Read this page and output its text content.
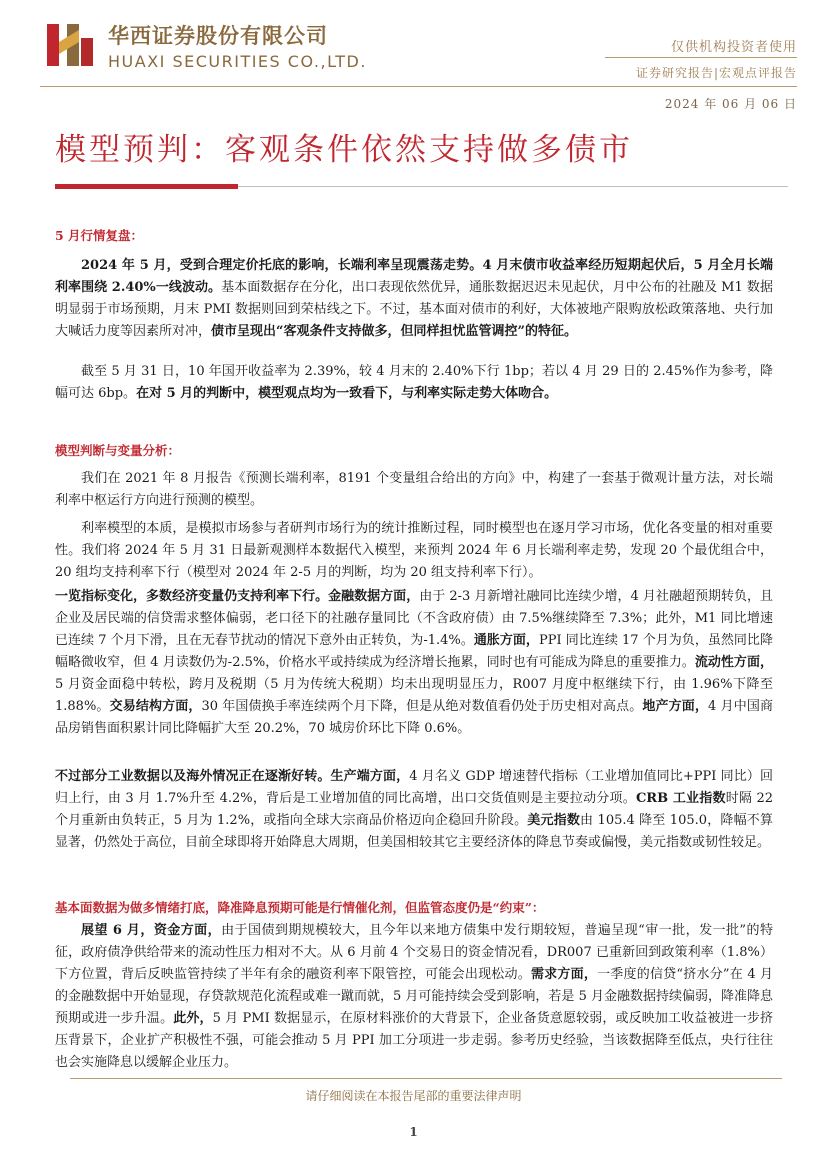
华西证券股份有限公司
HUAXI SECURITIES CO.,LTD.
仅供机构投资者使用
证券研究报告|宏观点评报告
2024 年 06 月 06 日
模型预判：客观条件依然支持做多债市
5 月行情复盘：

2024 年 5 月，受到合理定价托底的影响，长端利率呈现震荡走势。4 月末债市收益率经历短期起伏后，5 月全月长端利率围绕 2.40%一线波动。基本面数据存在分化，出口表现依然优异，通胀数据迟迟未见起伏，月中公布的社融及 M1 数据明显弱于市场预期，月末 PMI 数据则回到荣枯线之下。不过，基本面对债市的利好，大体被地产限购放松政策落地、央行加大喊话力度等因素所对冲，债市呈现出“客观条件支持做多，但同样担忧监管调控”的特征。

截至 5 月 31 日，10 年国开收益率为 2.39%，较 4 月末的 2.40%下行 1bp；若以 4 月 29 日的 2.45%作为参考，降幅可达 6bp。在对 5 月的判断中，模型观点均为一致看下，与利率实际走势大体吻合。

模型判断与变量分析：

我们在 2021 年 8 月报告《预测长端利率，8191 个变量组合给出的方向》中，构建了一套基于微观计量方法，对长端利率中枢运行方向进行预测的模型。

利率模型的本质，是模拟市场参与者研判市场行为的统计推断过程，同时模型也在逐月学习市场，优化各变量的相对重要性。我们将 2024 年 5 月 31 日最新观测样本数据代入模型，来预判 2024 年 6 月长端利率走势，发现 20 个最优组合中，20 组均支持利率下行（模型对 2024 年 2-5 月的判断，均为 20 组支持利率下行）。

一览指标变化，多数经济变量仍支持利率下行。金融数据方面，由于 2-3 月新增社融同比连续少增，4 月社融超预期转负，且企业及居民端的信贷需求整体偏弱，老口径下的社融存量同比（不含政府债）由 7.5%继续降至 7.3%；此外，M1 同比增速已连续 7 个月下滑，且在无春节扰动的情况下意外由正转负，为-1.4%。通胀方面，PPI 同比连续 17 个月为负，虽然同比降幅略微收窄，但 4 月读数仍为-2.5%，价格水平或持续成为经济增长拖累，同时也有可能成为降息的重要推力。流动性方面，5 月资金面稳中转松，跨月及税期（5 月为传统大税期）均未出现明显压力，R007 月度中枢继续下行，由 1.96%下降至 1.88%。交易结构方面，30 年国债换手率连续两个月下降，但是从绝对数值看仍处于历史相对高点。地产方面，4 月中国商品房销售面积累计同比降幅扩大至 20.2%，70 城房价环比下降 0.6%。

不过部分工业数据以及海外情况正在逐渐好转。生产端方面，4 月名义 GDP 增速替代指标（工业增加值同比+PPI 同比）回归上行，由 3 月 1.7%升至 4.2%，背后是工业增加值的同比高增，出口交货值则是主要拉动分项。CRB 工业指数时隔 22 个月重新由负转正，5 月为 1.2%，或指向全球大宗商品价格迈向企稳回升阶段。美元指数由 105.4 降至 105.0，降幅不算显著，仍然处于高位，目前全球即将开始降息大周期，但美国相较其它主要经济体的降息节奏或偏慢，美元指数或韧性较足。

基本面数据为做多情绪打底，降准降息预期可能是行情催化剂，但监管态度仍是“约束”：

展望 6 月，资金方面，由于国债到期规模较大，且今年以来地方债集中发行期较短，普遍呈现“审一批，发一批”的特征，政府债净供给带来的流动性压力相对不大。从 6 月前 4 个交易日的资金情况看，DR007 已重新回到政策利率（1.8%）下方位置，背后反映监管持续了半年有余的融资利率下限管控，可能会出现松动。需求方面，一季度的信贷“挤水分”在 4 月的金融数据中开始显现，存贷款规范化流程或难一蹴而就，5 月可能持续会受到影响，若是 5 月金融数据持续偏弱，降准降息预期或进一步升温。此外，5 月 PMI 数据显示，在原材料涨价的大背景下，企业备货意愿较弱，或反映加工收益被进一步挤压背景下，企业扩产积极性不强，可能会推动 5 月 PPI 加工分项进一步走弱。参考历史经验，当该数据降至低点，央行往往也会实施降息以缓解企业压力。

请仔细阅读在本报告尾部的重要法律声明
1
